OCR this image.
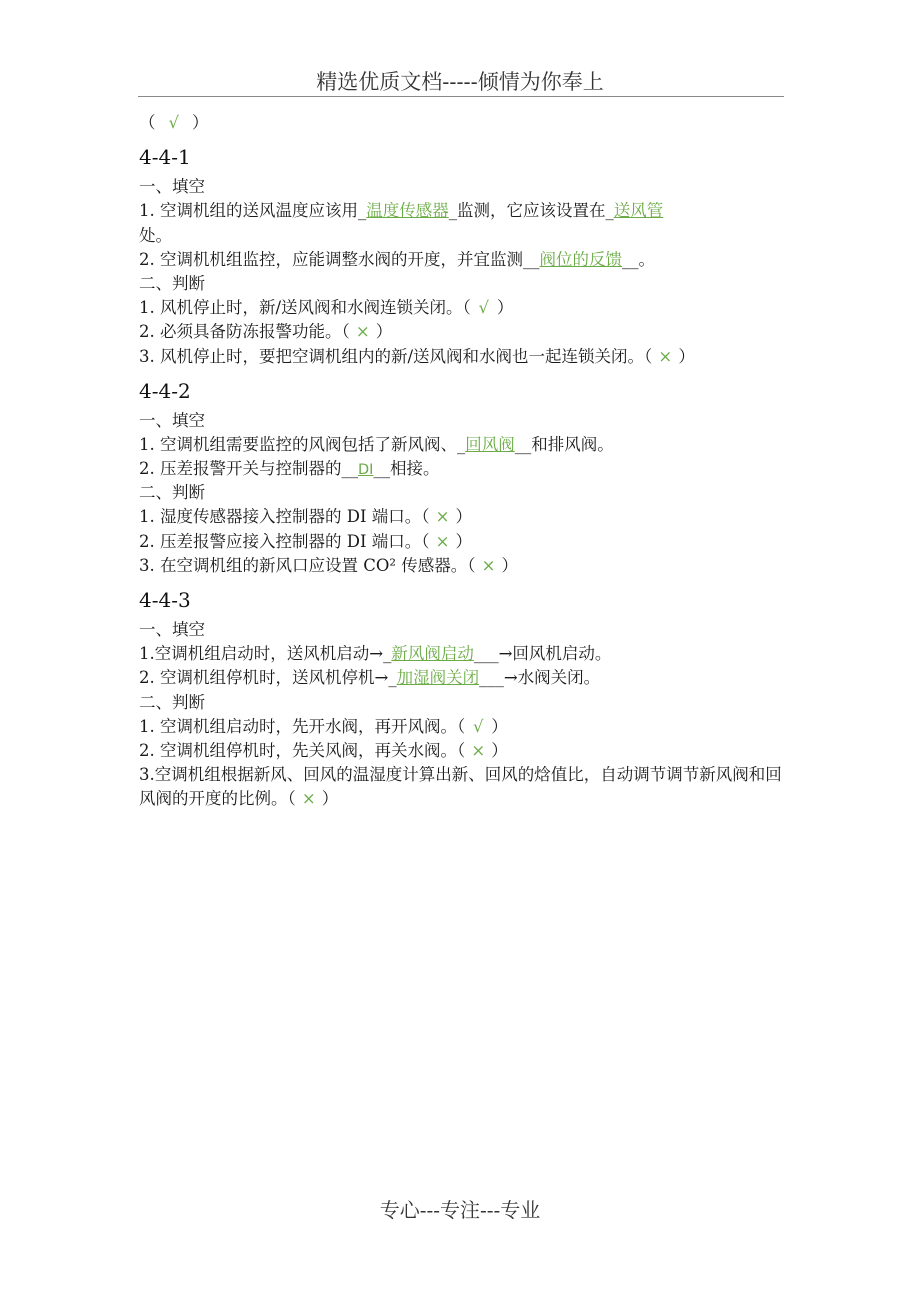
精选优质文档-----倾情为你奉上
（ √ ）
4-4-1
一、填空
1. 空调机组的送风温度应该用_温度传感器_监测，它应该设置在_送风管
处。
2. 空调机机组监控，应能调整水阀的开度，并宜监测__阀位的反馈__。
二、判断
1. 风机停止时，新/送风阀和水阀连锁关闭。（ √ ）
2. 必须具备防冻报警功能。（ × ）
3. 风机停止时，要把空调机组内的新/送风阀和水阀也一起连锁关闭。（ × ）
4-4-2
一、填空
1. 空调机组需要监控的风阀包括了新风阀、_回风阀__和排风阀。
2. 压差报警开关与控制器的__DI__相接。
二、判断
1. 湿度传感器接入控制器的 DI 端口。（ × ）
2. 压差报警应接入控制器的 DI 端口。（ × ）
3. 在空调机组的新风口应设置 CO² 传感器。（ × ）
4-4-3
一、填空
1.空调机组启动时，送风机启动→_新风阀启动___→回风机启动。
2. 空调机组停机时，送风机停机→_加湿阀关闭___→水阀关闭。
二、判断
1. 空调机组启动时，先开水阀，再开风阀。（ √ ）
2. 空调机组停机时，先关风阀，再关水阀。（ × ）
3.空调机组根据新风、回风的温湿度计算出新、回风的焓值比，自动调节调节新风阀和回风阀的开度的比例。（ × ）
专心---专注---专业
